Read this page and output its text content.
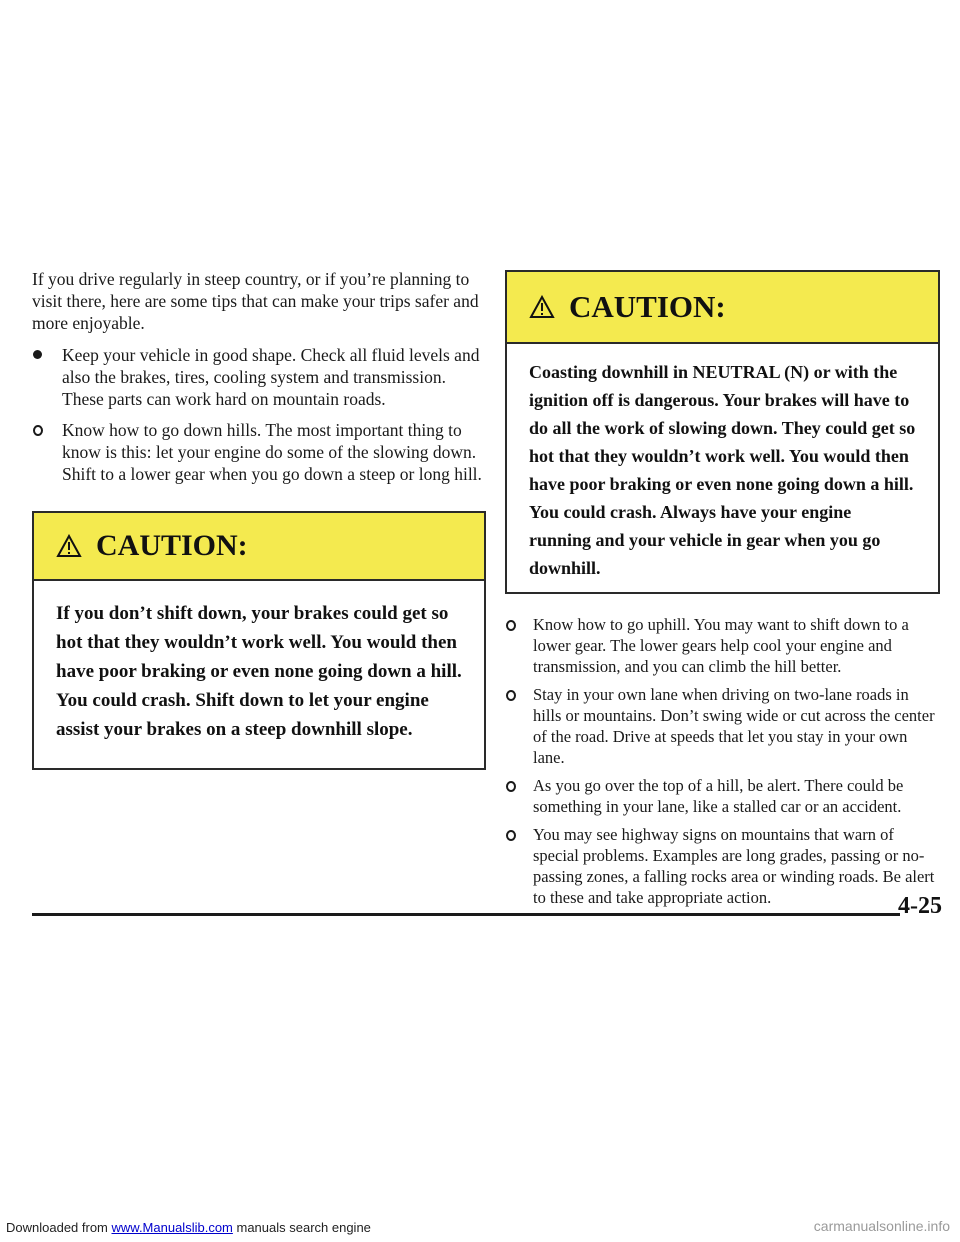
If you drive regularly in steep country, or if you’re planning to visit there, here are some tips that can make your trips safer and more enjoyable.

Keep your vehicle in good shape. Check all fluid levels and also the brakes, tires, cooling system and transmission. These parts can work hard on mountain roads.
Know how to go down hills. The most important thing to know is this: let your engine do some of the slowing down. Shift to a lower gear when you go down a steep or long hill.
CAUTION:
If you don’t shift down, your brakes could get so hot that they wouldn’t work well. You would then have poor braking or even none going down a hill. You could crash. Shift down to let your engine assist your brakes on a steep downhill slope.
CAUTION:
Coasting downhill in NEUTRAL (N) or with the ignition off is dangerous. Your brakes will have to do all the work of slowing down. They could get so hot that they wouldn’t work well. You would then have poor braking or even none going down a hill. You could crash. Always have your engine running and your vehicle in gear when you go downhill.
Know how to go uphill. You may want to shift down to a lower gear. The lower gears help cool your engine and transmission, and you can climb the hill better.
Stay in your own lane when driving on two-lane roads in hills or mountains. Don’t swing wide or cut across the center of the road. Drive at speeds that let you stay in your own lane.
As you go over the top of a hill, be alert. There could be something in your lane, like a stalled car or an accident.
You may see highway signs on mountains that warn of special problems. Examples are long grades, passing or no-passing zones, a falling rocks area or winding roads. Be alert to these and take appropriate action.	4-25
Downloaded from www.Manualslib.com manuals search engine	carmanualsonline.info
